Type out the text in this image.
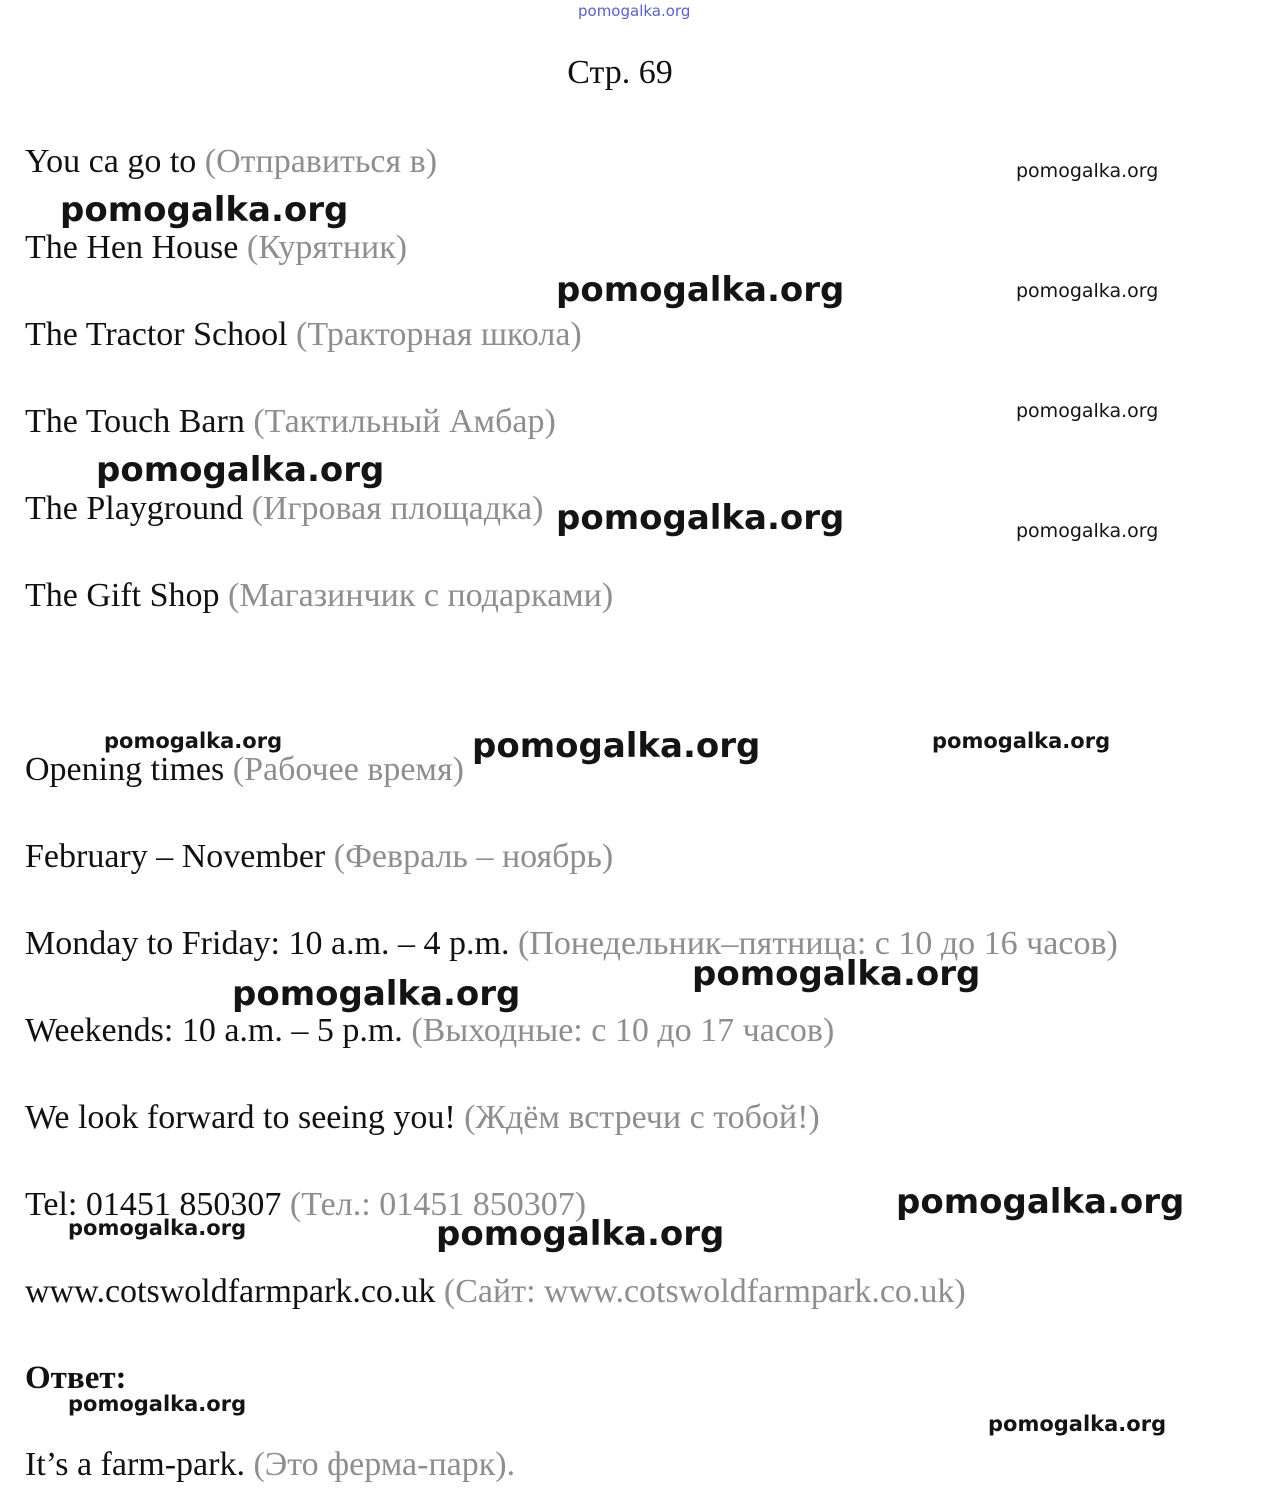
pomogalka.org
Стр. 69
You ca go to (Отправиться в)
The Hen House (Курятник)
The Tractor School (Тракторная школа)
The Touch Barn (Тактильный Амбар)
The Playground (Игровая площадка)
The Gift Shop (Магазинчик с подарками)
Opening times (Рабочее время)
February – November (Февраль – ноябрь)
Monday to Friday: 10 a.m. – 4 p.m. (Понедельник–пятница: с 10 до 16 часов)
Weekends: 10 a.m. – 5 p.m. (Выходные: с 10 до 17 часов)
We look forward to seeing you! (Ждём встречи с тобой!)
Tel: 01451 850307 (Тел.: 01451 850307)
www.cotswoldfarmpark.co.uk (Сайт: www.cotswoldfarmpark.co.uk)
Ответ:
It’s a farm-park. (Это ферма-парк).
pomogalka.org
pomogalka.org
pomogalka.org
pomogalka.org
pomogalka.org
pomogalka.org
pomogalka.org
pomogalka.org
pomogalka.org
pomogalka.org
pomogalka.org
pomogalka.org
pomogalka.org
pomogalka.org	pomogalka.org
pomogalka.org
pomogalka.org
pomogalka.org
